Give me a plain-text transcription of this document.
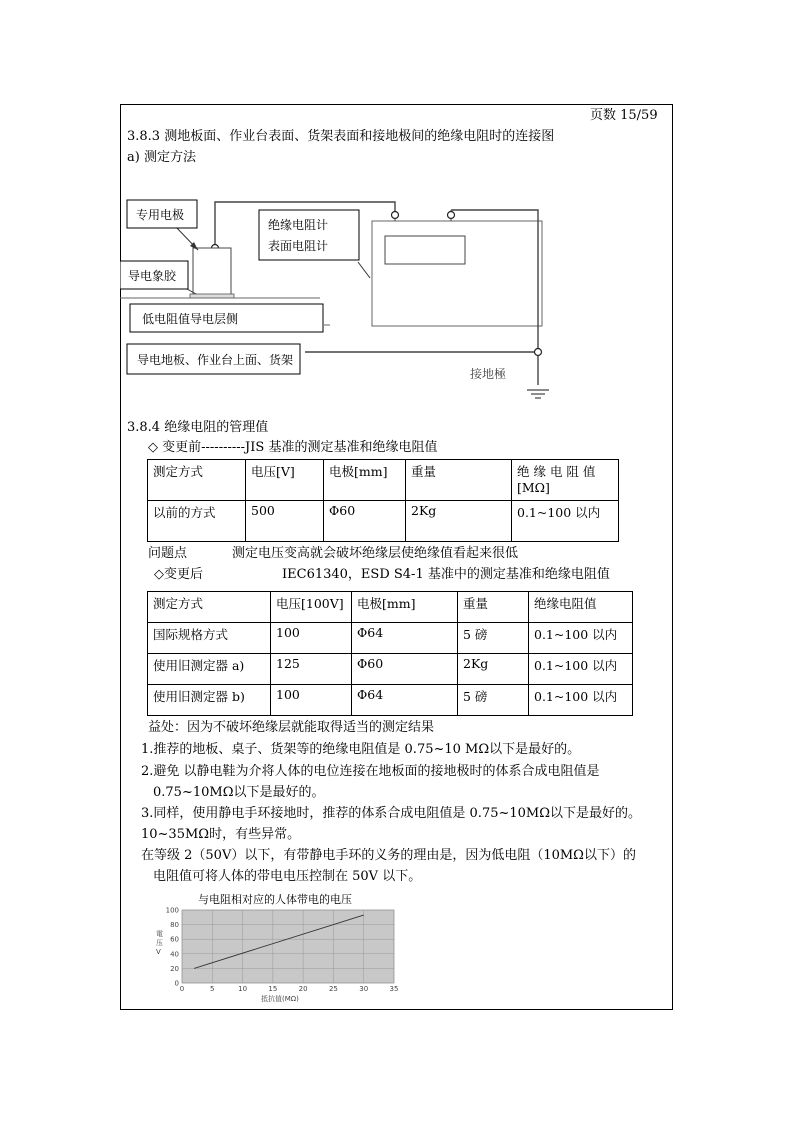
页数 15/59
3.8.3 测地板面、作业台表面、货架表面和接地极间的绝缘电阻时的连接图
a) 测定方法
专用电极
绝缘电阻计
表面电阻计
导电象胶
低电阻值导电层侧
导电地板、作业台上面、货架
接地極
3.8.4 绝缘电阻的管理值
◇ 变更前----------JIS 基准的测定基准和绝缘电阻值
测定方式	电压[V]	电极[mm]	重量	绝 缘 电 阻 值
[MΩ]
以前的方式	500	Φ60	2Kg	0.1~100 以内
问题点	测定电压变高就会破坏绝缘层使绝缘值看起来很低
◇变更后	IEC61340，ESD S4-1 基准中的测定基准和绝缘电阻值
测定方式	电压[100V]	电极[mm]	重量	绝缘电阻值
国际规格方式	100	Φ64	5 磅	0.1~100 以内
使用旧测定器 a)	125	Φ60	2Kg	0.1~100 以内
使用旧测定器 b)	100	Φ64	5 磅	0.1~100 以内
益处：因为不破坏绝缘层就能取得适当的测定结果
1.推荐的地板、桌子、货架等的绝缘电阻值是 0.75~10 MΩ以下是最好的。
2.避免 以静电鞋为介将人体的电位连接在地板面的接地极时的体系合成电阻值是
0.75~10MΩ以下是最好的。
3.同样，使用静电手环接地时，推荐的体系合成电阻值是 0.75~10MΩ以下是最好的。
10~35MΩ时，有些异常。
在等级 2（50V）以下，有带静电手环的义务的理由是，因为低电阻（10MΩ以下）的
电阻值可将人体的带电电压控制在 50V 以下。
与电阻相对应的人体带电的电压
0	5	10	15	20	25	30	35
0
20
40
60
80
100
電压 V
抵抗值(MΩ)
